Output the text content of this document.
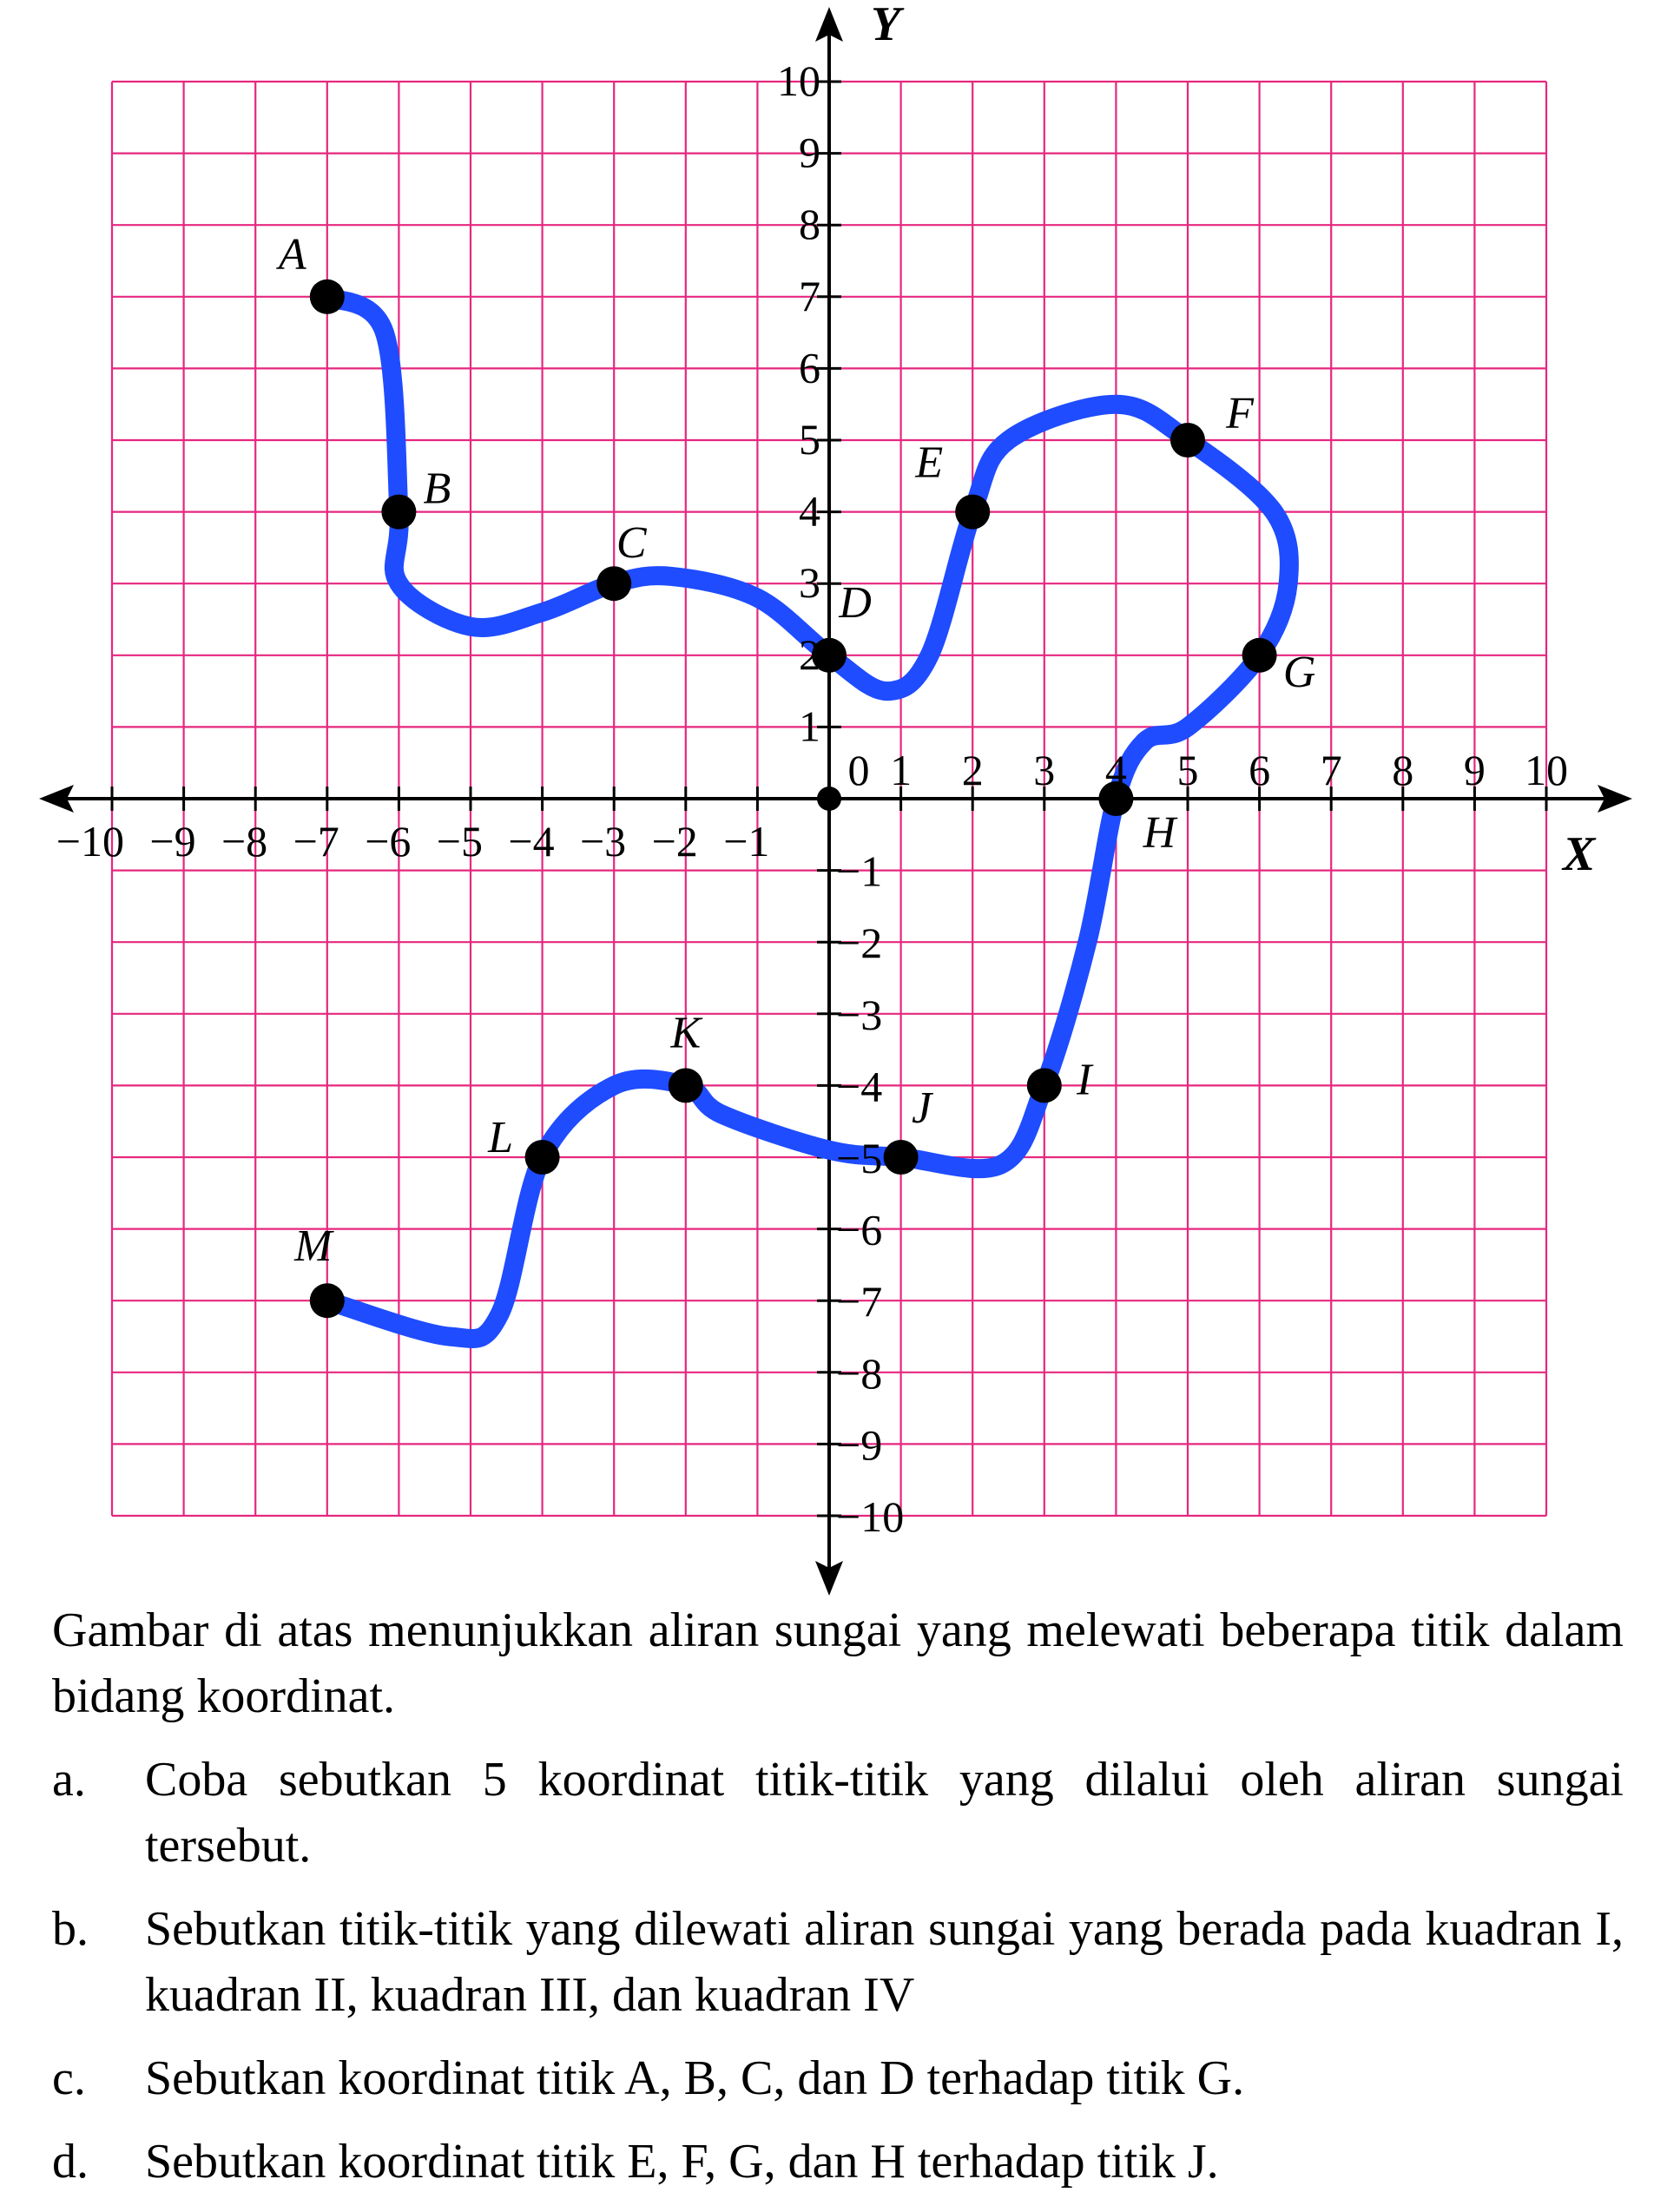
−10 −9 −8 −7 −6 −5 −4 −3 −2 −1
0 1 2 3 4 5 6 7 8 9 10
−10
−9
−8
−7
−6
−5
−4
−3
−2
−1
1
2
3
4
5
6
7
8
9
10
Y
X
A
B
C
D
E
F
G
H
I
J
K
L
M

Gambar di atas menunjukkan aliran sungai yang melewati beberapa titik dalam bidang koordinat.

a.	Coba sebutkan 5 koordinat titik-titik yang dilalui oleh aliran sungai tersebut.
b.	Sebutkan titik-titik yang dilewati aliran sungai yang berada pada kuadran I, kuadran II, kuadran III, dan kuadran IV
c.	Sebutkan koordinat titik A, B, C, dan D terhadap titik G.
d.	Sebutkan koordinat titik E, F, G, dan H terhadap titik J.
